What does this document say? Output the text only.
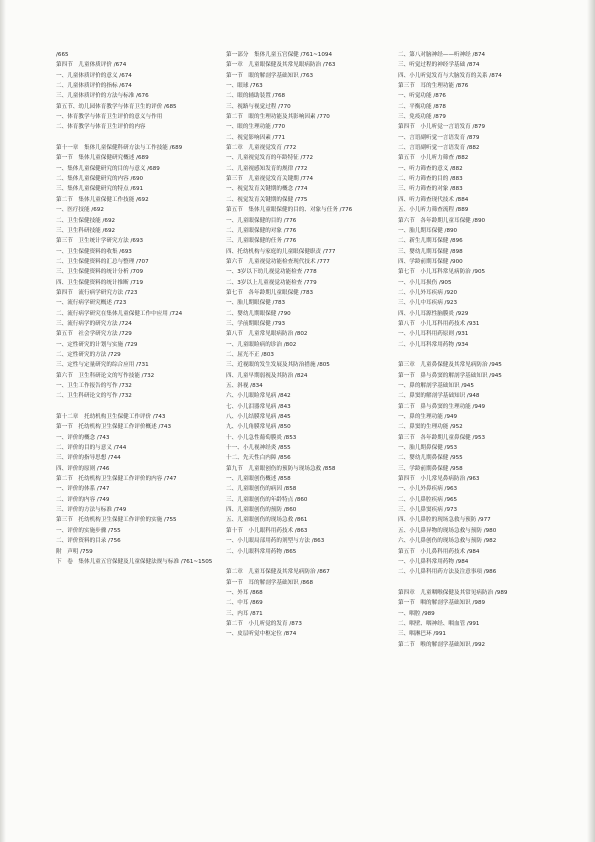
/665
第四节　儿童体质评价 /674
一、儿童体质评价的意义 /674
二、儿童体质评价的指标 /674
三、儿童体质评价的方法与标准 /676
第五节、幼儿园体育教学与体育卫生的评价 /685
一、体育教学与体育卫生评价的意义与作用
二、体育教学与体育卫生评价的内容
第十一章　集体儿童保健科研方法与工作技能 /689
第一节　集体儿童保健研究概述 /689
一、集体儿童保健研究的目的与意义 /689
二、集体儿童保健研究的内容 /690
三、集体儿童保健研究的特点 /691
第二节　集体儿童保健工作技能 /692
一、医疗技能 /692
二、卫生保健技能 /692
三、卫生科研技能 /692
第三节　卫生统计学研究方法 /693
一、卫生保健资料的收集 /693
二、卫生保健资料的汇总与整理 /707
三、卫生保健资料的统计分析 /709
四、卫生保健资料的统计推断 /719
第四节　流行病学研究方法 /723
一、流行病学研究概述 /723
二、流行病学研究在集体儿童保健工作中应用 /724
三、流行病学的研究方法 /724
第五节　社会学研究方法 /729
一、定性研究的计划与实施 /729
二、定性研究的方法 /729
三、定性与定量研究的综合应用 /731
第六节　卫生科研论文的写作技能 /732
一、卫生工作报告的写作 /732
二、卫生科研论文的写作 /732
第十二章　托幼机构卫生保健工作评价 /743
第一节　托幼机构卫生保健工作评价概述 /743
一、评价的概念 /743
二、评价的目的与意义 /744
三、评价的指导思想 /744
四、评价的原则 /746
第二节　托幼机构卫生保健工作评价的内容 /747
一、评价的体系 /747
二、评价的内容 /749
三、评价的方法与标准 /749
第三节　托幼机构卫生保健工作评价的实施 /755
一、评价的实施步骤 /755
二、评价资料的目录 /756
附　声明 /759
下　卷　集体儿童五官保健及儿童保健法规与标准 /761~1505
第一部分　集体儿童五官保健 /761~1094
第一章　儿童眼保健及其常见眼病防治 /763
第一节　眼的解剖学基础知识 /763
一、眼球 /763
二、眼的辅助装置 /768
三、视路与视觉过程 /770
第二节　眼的生理功能及其影响因素 /770
一、眼的生理功能 /770
二、视觉影响因素 /771
第二章　儿童视觉发育 /772
一、儿童视觉发育的年龄特征 /772
二、儿童视感知发育的规律 /772
第三节　儿童视觉发育关键期 /774
一、视觉发育关键期的概念 /774
二、视觉发育关键期的保健 /775
第五节　集体儿童眼保健的目的、对象与任务 /776
一、儿童眼保健的目的 /776
二、儿童眼保健的对象 /776
三、儿童眼保健的任务 /776
四、托幼机构与家庭的儿童眼保健职责 /777
第六节　儿童视觉功能检查现代技术 /777
一、3岁以下幼儿视觉功能检查 /778
二、3岁以上儿童视觉功能检查 /779
第七节　各年龄期儿童眼保健 /783
一、胎儿期眼保健 /783
二、婴幼儿期眼保健 /790
三、学前期眼保健 /793
第八节　儿童常见眼病防治 /802
一、儿童眼睑病的诊治 /802
二、屈光不正 /803
三、近视眼的发生发展及其防治措施 /805
四、儿童早期弱视及其防治 /824
五、斜视 /834
六、小儿眼睑常见病 /842
七、小儿泪器常见病 /843
八、小儿结膜常见病 /845
九、小儿角膜常见病 /850
十、小儿急性葡萄膜炎 /853
十一、小儿视神经炎 /855
十二、先天性白内障 /856
第九节　儿童眼创伤的预防与现场急救 /858
一、儿童眼创伤概述 /858
二、儿童眼创伤的病因 /858
三、儿童眼创伤的年龄特点 /860
四、儿童眼创伤的预防 /860
五、儿童眼创伤的现场急救 /861
第十节　小儿眼科用药技术 /863
一、小儿眼局部用药的剂型与方法 /863
二、小儿眼科常用药物 /865
第二章　儿童耳保健及其常见病防治 /867
第一节　耳的解剖学基础知识 /868
一、外耳 /868
二、中耳 /869
三、内耳 /871
第二节　小儿听觉的发育 /873
一、皮层听觉中枢定位 /874
二、第八对脑神经——听神经 /874
三、听觉过程的神经学基础 /874
四、小儿听觉发育与大脑发育的关系 /874
第三节　耳的生理功能 /876
一、听觉功能 /876
二、平衡功能 /878
三、免疫功能 /879
第四节　小儿听觉一言语发育 /879
一、言语副听觉一言语发育 /879
二、言语副听觉一言语发育 /882
第五节　小儿听力筛查 /882
一、听力筛查的意义 /882
二、听力筛查的目的 /883
三、听力筛查的对象 /883
四、听力筛查现代技术 /884
五、小儿听力筛查流程 /889
第六节　各年龄期儿童耳保健 /890
一、胎儿期耳保健 /890
二、新生儿期耳保健 /896
三、婴幼儿期耳保健 /898
四、学龄前期耳保健 /900
第七节　小儿耳科常见病防治 /905
一、小儿耳损伤 /905
二、小儿外耳疾病 /920
三、小儿中耳疾病 /923
四、小儿耳源性脑膜炎 /929
第八节　小儿耳科用药技术 /931
一、小儿耳科用药原则 /931
二、小儿耳科常用药物 /934
第三章　儿童鼻保健及其常见病防治 /945
第一节　鼻与鼻窦的解剖学基础知识 /945
一、鼻的解剖学基础知识 /945
二、鼻窦的解剖学基础知识 /948
第二节　鼻与鼻窦的生理功能 /949
一、鼻的生理功能 /949
二、鼻窦的生理功能 /952
第三节　各年龄期儿童鼻保健 /953
一、胎儿期鼻保健 /953
二、婴幼儿期鼻保健 /955
三、学龄前期鼻保健 /958
第四节　小儿常见鼻病防治 /963
一、小儿外鼻疾病 /963
二、小儿鼻腔疾病 /965
三、小儿鼻窦疾病 /973
四、小儿鼻腔的现场急救与预防 /977
五、小儿鼻异物的现场急救与预防 /980
六、小儿鼻创伤的现场急救与预防 /982
第五节　小儿鼻科用药技术 /984
一、小儿鼻科常用药物 /984
二、小儿鼻科用药方法及注意事项 /986
第四章　儿童咽喉保健及其常见病防治 /989
第一节　咽的解剖学基础知识 /989
一、咽腔 /989
二、咽壁、咽神经、咽血管 /991
三、咽淋巴环 /991
第二节　喉的解剖学基础知识 /992
